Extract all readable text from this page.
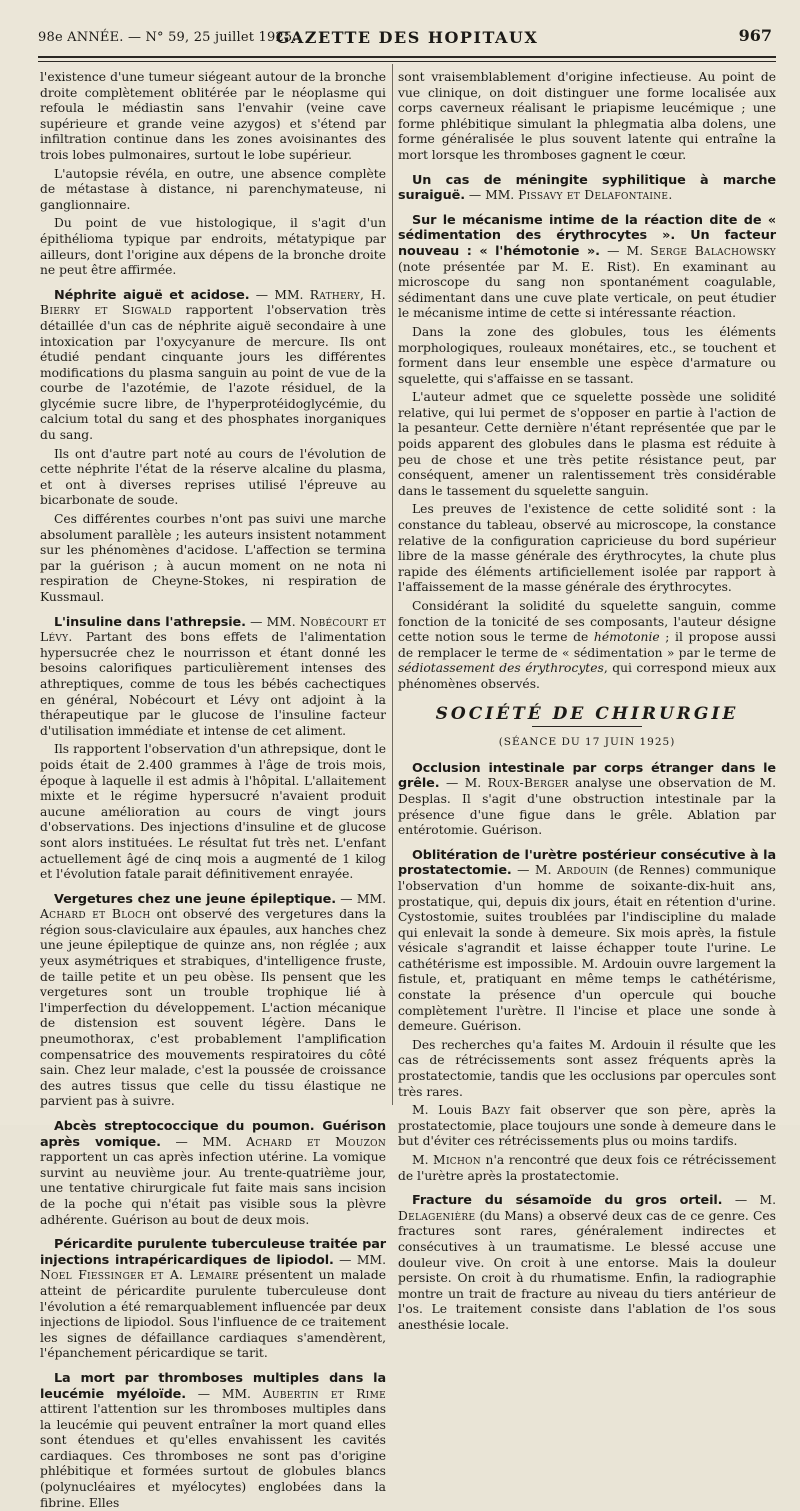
98e ANNÉE. — N° 59, 25 juillet 1925.
GAZETTE DES HOPITAUX	967

l'existence d'une tumeur siégeant autour de la bronche droite complètement oblitérée par le néoplasme qui refoula le médiastin sans l'envahir (veine cave supérieure et grande veine azygos) et s'étend par infiltration continue dans les zones avoisinantes des trois lobes pulmonaires, surtout le lobe supérieur.

L'autopsie révéla, en outre, une absence complète de métastase à distance, ni parenchymateuse, ni ganglionnaire.

Du point de vue histologique, il s'agit d'un épithélioma typique par endroits, métatypique par ailleurs, dont l'origine aux dépens de la bronche droite ne peut être affirmée.

Néphrite aiguë et acidose. — MM. Rathery, H. Bierry et Sigwald rapportent l'observation très détaillée d'un cas de néphrite aiguë secondaire à une intoxication par l'oxycyanure de mercure. Ils ont étudié pendant cinquante jours les différentes modifications du plasma sanguin au point de vue de la courbe de l'azotémie, de l'azote résiduel, de la glycémie sucre libre, de l'hyperprotéidoglycémie, du calcium total du sang et des phosphates inorganiques du sang.

Ils ont d'autre part noté au cours de l'évolution de cette néphrite l'état de la réserve alcaline du plasma, et ont à diverses reprises utilisé l'épreuve au bicarbonate de soude.

Ces différentes courbes n'ont pas suivi une marche absolument parallèle ; les auteurs insistent notamment sur les phénomènes d'acidose. L'affection se termina par la guérison ; à aucun moment on ne nota ni respiration de Cheyne-Stokes, ni respiration de Kussmaul.

L'insuline dans l'athrepsie. — MM. Nobécourt et Lévy. Partant des bons effets de l'alimentation hypersucrée chez le nourrisson et étant donné les besoins calorifiques particulièrement intenses des athreptiques, comme de tous les bébés cachectiques en général, Nobécourt et Lévy ont adjoint à la thérapeutique par le glucose de l'insuline facteur d'utilisation immédiate et intense de cet aliment.

Ils rapportent l'observation d'un athrepsique, dont le poids était de 2.400 grammes à l'âge de trois mois, époque à laquelle il est admis à l'hôpital. L'allaitement mixte et le régime hypersucré n'avaient produit aucune amélioration au cours de vingt jours d'observations. Des injections d'insuline et de glucose sont alors instituées. Le résultat fut très net. L'enfant actuellement âgé de cinq mois a augmenté de 1 kilog et l'évolution fatale parait définitivement enrayée.

Vergetures chez une jeune épileptique. — MM. Achard et Bloch ont observé des vergetures dans la région sous-claviculaire aux épaules, aux hanches chez une jeune épileptique de quinze ans, non réglée ; aux yeux asymétriques et strabiques, d'intelligence fruste, de taille petite et un peu obèse. Ils pensent que les vergetures sont un trouble trophique lié à l'imperfection du développement. L'action mécanique de distension est souvent légère. Dans le pneumothorax, c'est probablement l'amplification compensatrice des mouvements respiratoires du côté sain. Chez leur malade, c'est la poussée de croissance des autres tissus que celle du tissu élastique ne parvient pas à suivre.

Abcès streptococcique du poumon. Guérison après vomique. — MM. Achard et Mouzon rapportent un cas après infection utérine. La vomique survint au neuvième jour. Au trente-quatrième jour, une tentative chirurgicale fut faite mais sans incision de la poche qui n'était pas visible sous la plèvre adhérente. Guérison au bout de deux mois.

Péricardite purulente tuberculeuse traitée par injections intrapéricardiques de lipiodol. — MM. Noel Fiessinger et A. Lemaire présentent un malade atteint de péricardite purulente tuberculeuse dont l'évolution a été remarquablement influencée par deux injections de lipiodol. Sous l'influence de ce traitement les signes de défaillance cardiaques s'amendèrent, l'épanchement péricardique se tarit.

La mort par thromboses multiples dans la leucémie myéloïde. — MM. Aubertin et Rime attirent l'attention sur les thromboses multiples dans la leucémie qui peuvent entraîner la mort quand elles sont étendues et qu'elles envahissent les cavités cardiaques. Ces thromboses ne sont pas d'origine phlébitique et formées surtout de globules blancs (polynucléaires et myélocytes) englobées dans la fibrine. Elles

sont vraisemblablement d'origine infectieuse. Au point de vue clinique, on doit distinguer une forme localisée aux corps caverneux réalisant le priapisme leucémique ; une forme phlébitique simulant la phlegmatia alba dolens, une forme généralisée le plus souvent latente qui entraîne la mort lorsque les thromboses gagnent le cœur.

Un cas de méningite syphilitique à marche suraiguë. — MM. Pissavy et Delafontaine.

Sur le mécanisme intime de la réaction dite de « sédimentation des érythrocytes ». Un facteur nouveau : « l'hémotonie ». — M. Serge Balachowsky (note présentée par M. E. Rist). En examinant au microscope du sang non spontanément coagulable, sédimentant dans une cuve plate verticale, on peut étudier le mécanisme intime de cette si intéressante réaction.

Dans la zone des globules, tous les éléments morphologiques, rouleaux monétaires, etc., se touchent et forment dans leur ensemble une espèce d'armature ou squelette, qui s'affaisse en se tassant.

L'auteur admet que ce squelette possède une solidité relative, qui lui permet de s'opposer en partie à l'action de la pesanteur. Cette dernière n'étant représentée que par le poids apparent des globules dans le plasma est réduite à peu de chose et une très petite résistance peut, par conséquent, amener un ralentissement très considérable dans le tassement du squelette sanguin.

Les preuves de l'existence de cette solidité sont : la constance du tableau, observé au microscope, la constance relative de la configuration capricieuse du bord supérieur libre de la masse générale des érythrocytes, la chute plus rapide des éléments artificiellement isolée par rapport à l'affaissement de la masse générale des érythrocytes.

Considérant la solidité du squelette sanguin, comme fonction de la tonicité de ses composants, l'auteur désigne cette notion sous le terme de hémotonie ; il propose aussi de remplacer le terme de « sédimentation » par le terme de sédiotassement des érythrocytes, qui correspond mieux aux phénomènes observés.

SOCIÉTÉ DE CHIRURGIE
(SÉANCE DU 17 JUIN 1925)

Occlusion intestinale par corps étranger dans le grêle. — M. Roux-Berger analyse une observation de M. Desplas. Il s'agit d'une obstruction intestinale par la présence d'une figue dans le grêle. Ablation par entérotomie. Guérison.

Oblitération de l'urètre postérieur consécutive à la prostatectomie. — M. Ardouin (de Rennes) communique l'observation d'un homme de soixante-dix-huit ans, prostatique, qui, depuis dix jours, était en rétention d'urine. Cystostomie, suites troublées par l'indiscipline du malade qui enlevait la sonde à demeure. Six mois après, la fistule vésicale s'agrandit et laisse échapper toute l'urine. Le cathétérisme est impossible. M. Ardouin ouvre largement la fistule, et, pratiquant en même temps le cathétérisme, constate la présence d'un opercule qui bouche complètement l'urètre. Il l'incise et place une sonde à demeure. Guérison.

Des recherches qu'a faites M. Ardouin il résulte que les cas de rétrécissements sont assez fréquents après la prostatectomie, tandis que les occlusions par opercules sont très rares.

M. Louis Bazy fait observer que son père, après la prostatectomie, place toujours une sonde à demeure dans le but d'éviter ces rétrécissements plus ou moins tardifs.

M. Michon n'a rencontré que deux fois ce rétrécissement de l'urètre après la prostatectomie.

Fracture du sésamoïde du gros orteil. — M. Delagenière (du Mans) a observé deux cas de ce genre. Ces fractures sont rares, généralement indirectes et consécutives à un traumatisme. Le blessé accuse une douleur vive. On croit à une entorse. Mais la douleur persiste. On croit à du rhumatisme. Enfin, la radiographie montre un trait de fracture au niveau du tiers antérieur de l'os. Le traitement consiste dans l'ablation de l'os sous anesthésie locale.
